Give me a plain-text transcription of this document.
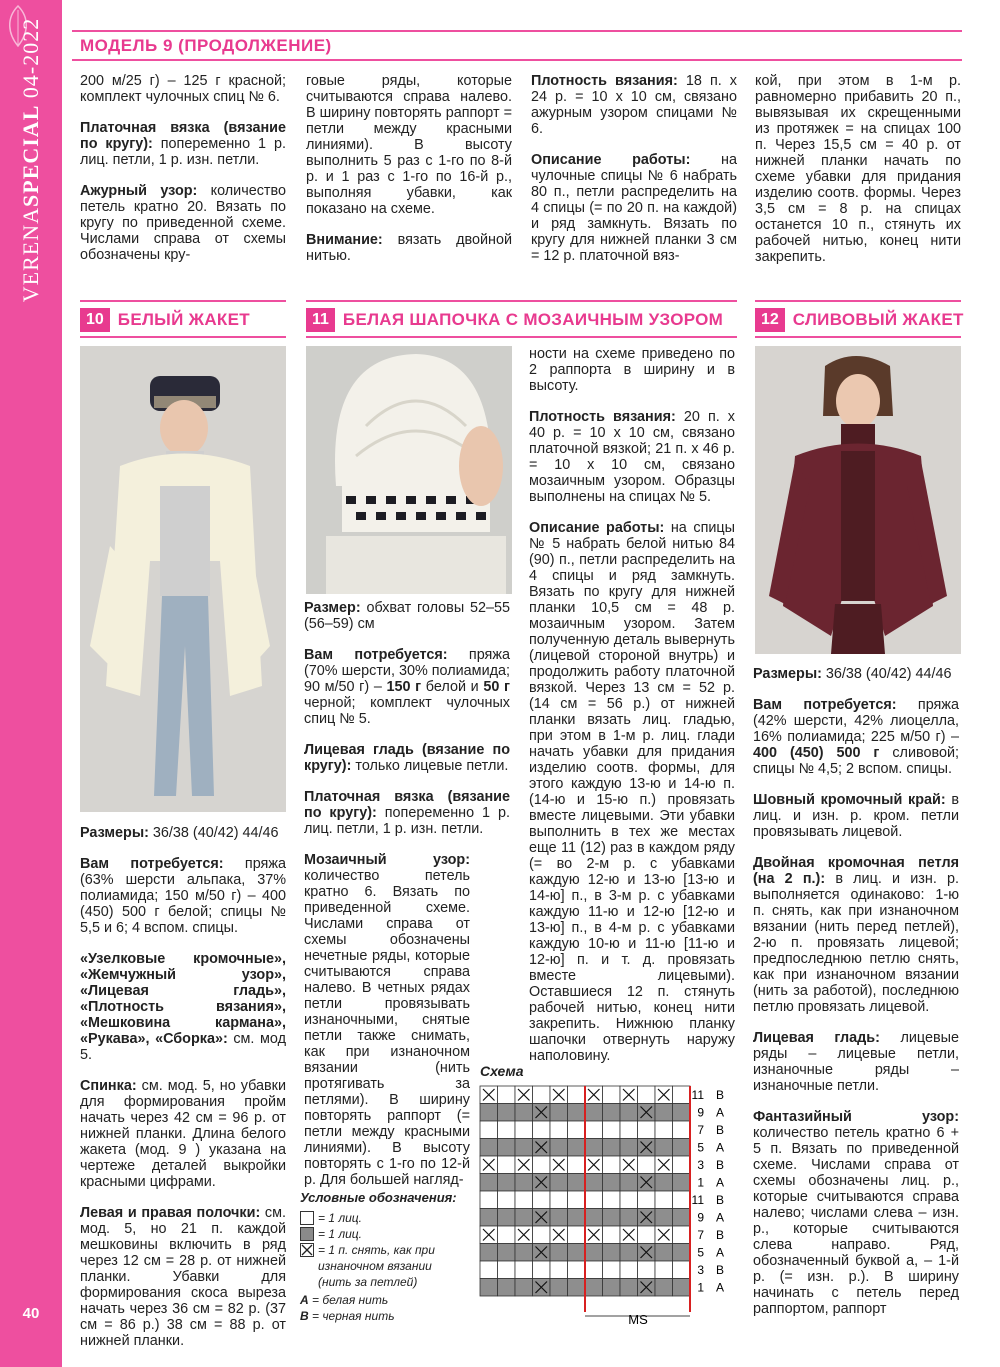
VERENASPECIAL 04-2022
40
МОДЕЛЬ 9 (ПРОДОЛЖЕНИЕ)

200 м/25 г) – 125 г красной; комплект чулочных спиц № 6.

Платочная вязка (вязание по кругу): попеременно 1 р. лиц. петли, 1 р. изн. петли.

Ажурный узор: количество петель кратно 20. Вязать по кругу по приведенной схеме. Числами справа от схемы обозначены кру-

говые ряды, которые считываются справа налево. В ширину повторять раппорт = петли между красными линиями). В высоту выполнить 5 раз с 1-го по 8-й р. и 1 раз с 1-го по 16-й р., выполняя убавки, как показано на схеме.

Внимание: вязать двойной нитью.

Плотность вязания: 18 п. х 24 р. = 10 х 10 см, связано ажурным узором спицами № 6.

Описание работы: на чулочные спицы № 6 набрать 80 п., петли распределить на 4 спицы (= по 20 п. на каждой) и ряд замкнуть. Вязать по кругу для нижней планки 3 см = 12 р. платочной вяз-

кой, при этом в 1-м р. равномерно прибавить 20 п., вывязывая их скрещенными из протяжек = на спицах 100 п. Через 15,5 см = 40 р. от нижней планки начать по схеме убавки для придания изделию соотв. формы. Через 3,5 см = 8 р. на спицах останется 10 п., стянуть их рабочей нитью, конец нити закрепить.

10 БЕЛЫЙ ЖАКЕТ	11 БЕЛАЯ ШАПОЧКА С МОЗАИЧНЫМ УЗОРОМ	12 СЛИВОВЫЙ ЖАКЕТ

Размеры: 36/38 (40/42) 44/46

Вам потребуется: пряжа (63% шерсти альпака, 37% полиамида; 150 м/50 г) – 400 (450) 500 г белой; спицы № 5,5 и 6; 4 вспом. спицы.

«Узелковые кромочные», «Жемчужный узор», «Лицевая гладь», «Плотность вязания», «Мешковина кармана», «Рукава», «Сборка»: см. мод 5.

Спинка: см. мод. 5, но убавки для формирования пройм начать через 42 см = 96 р. от нижней планки. Длина белого жакета (мод. 9 ) указана на чертеже деталей выкройки красными цифрами.

Левая и правая полочки: см. мод. 5, но 21 п. каждой мешковины включить в ряд через 12 см = 28 р. от нижней планки. Убавки для формирования скоса выреза начать через 36 см = 82 р. (37 см = 86 р.) 38 см = 88 р. от нижней планки.

Размер: обхват головы 52–55 (56–59) см

Вам потребуется: пряжа (70% шерсти, 30% полиамида; 90 м/50 г) – 150 г белой и 50 г черной; комплект чулочных спиц № 5.

Лицевая гладь (вязание по кругу): только лицевые петли.

Платочная вязка (вязание по кругу): попеременно 1 р. лиц. петли, 1 р. изн. петли.

Мозаичный узор: количество петель кратно 6. Вязать по приведенной схеме. Числами справа от схемы обозначены нечетные ряды, которые считываются справа налево. В четных рядах петли провязывать изнаночными, снятые петли также снимать, как при изнаночном вязании (нить протягивать за петлями). В ширину повторять раппорт (= петли между красными линиями). В высоту повторять с 1-го по 12-й р. Для большей нагляд-

ности на схеме приведено по 2 раппорта в ширину и в высоту.

Плотность вязания: 20 п. х 40 р. = 10 х 10 см, связано платочной вязкой; 21 п. х 46 р. = 10 х 10 см, связано мозаичным узором. Образцы выполнены на спицах № 5.

Описание работы: на спицы № 5 набрать белой нитью 84 (90) п., петли распределить на 4 спицы и ряд замкнуть. Вязать по кругу для нижней планки 10,5 см = 48 р. мозаичным узором. Затем полученную деталь вывернуть (лицевой стороной внутрь) и продолжить работу платочной вязкой. Через 13 см = 52 р. (14 см = 56 р.) от нижней планки вязать лиц. гладью, при этом в 1-м р. лиц. глади начать убавки для придания изделию соотв. формы, для этого каждую 13-ю и 14-ю п. (14-ю и 15-ю п.) провязать вместе лицевыми. Эти убавки выполнить в тех же местах еще 11 (12) раз в каждом ряду (= во 2-м р. с убавками каждую 12-ю и 13-ю [13-ю и 14-ю] п., в 3-м р. с убавками каждую 11-ю и 12-ю [12-ю и 13-ю] п., в 4-м р. с убавками каждую 10-ю и 11-ю [11-ю и 12-ю] п. и т. д. провязать вместе лицевыми). Оставшиеся 12 п. стянуть рабочей нитью, конец нити закрепить. Нижнюю планку шапочки отвернуть наружу наполовину.

Схема
MS
11 B
9 A
7 B
5 A
3 B
1 A
11 B
9 A
7 B
5 A
3 B
1 A
Условные обозначения:
= 1 лиц.
= 1 лиц.
= 1 п. снять, как при изнаночном вязании (нить за петлей)
A = белая нить
B = черная нить

Размеры: 36/38 (40/42) 44/46

Вам потребуется: пряжа (42% шерсти, 42% лиоцелла, 16% полиамида; 225 м/50 г) – 400 (450) 500 г сливовой; спицы № 4,5; 2 вспом. спицы.

Шовный кромочный край: в лиц. и изн. р. кром. петли провязывать лицевой.

Двойная кромочная петля (на 2 п.): в лиц. и изн. р. выполняется одинаково: 1-ю п. снять, как при изнаночном вязании (нить перед петлей), 2-ю п. провязать лицевой; предпоследнюю петлю снять, как при изнаночном вязании (нить за работой), последнюю петлю провязать лицевой.

Лицевая гладь: лицевые ряды – лицевые петли, изнаночные ряды – изнаночные петли.

Фантазийный узор: количество петель кратно 6 + 5 п. Вязать по приведенной схеме. Числами справа от схемы обозначены лиц. р., которые считываются справа налево; числами слева – изн. р., которые считываются слева направо. Ряд, обозначенный буквой а, – 1-й р. (= изн. р.). В ширину начинать с петель перед раппортом, раппорт
